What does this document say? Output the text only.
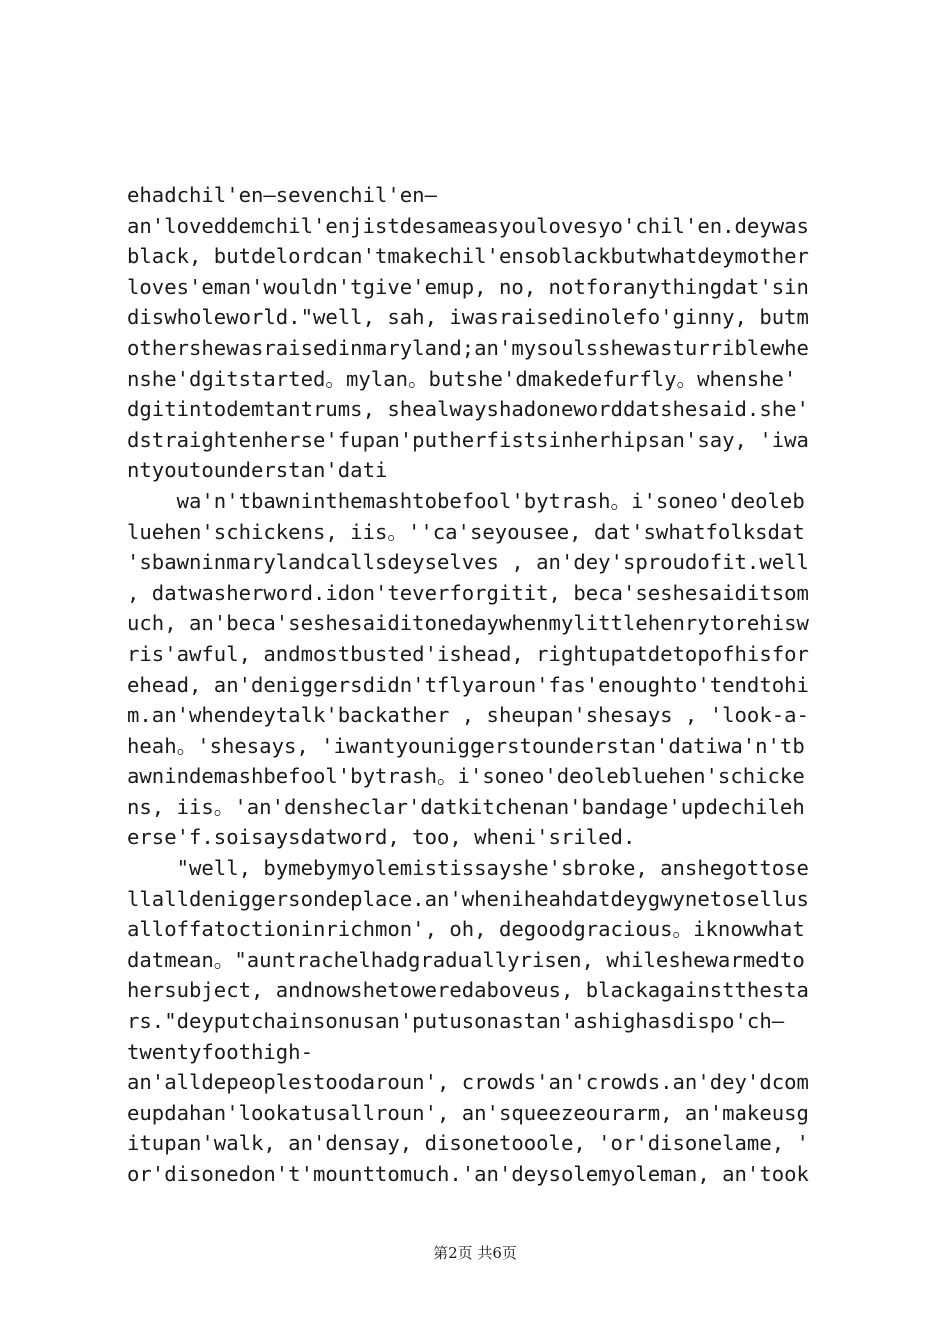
ehadchil'en—sevenchil'en—
an'loveddemchil'enjistdesameasyoulovesyo'chil'en.deywas
black, butdelordcan'tmakechil'ensoblackbutwhatdeymother
loves'eman'wouldn'tgive'emup, no, notforanythingdat'sin
diswholeworld."well, sah, iwasraisedinolefo'ginny, butm
othershewasraisedinmaryland;an'mysoulsshewasturriblewhe
nshe'dgitstarted。mylan。butshe'dmakedefurfly。whenshe'
dgitintodemtantrums, shealwayshadoneworddatshesaid.she'
dstraightenherse'fupan'putherfistsinherhipsan'say, 'iwa
ntyoutounderstan'dati
wa'n'tbawninthemashtobefool'bytrash。i'soneo'deoleb
luehen'schickens, iis。''ca'seyousee, dat'swhatfolksdat
'sbawninmarylandcallsdeyselves , an'dey'sproudofit.well
, datwasherword.idon'teverforgitit, beca'seshesaiditsom
uch, an'beca'seshesaiditonedaywhenmylittlehenrytorehisw
ris'awful, andmostbusted'ishead, rightupatdetopofhisfor
ehead, an'deniggersdidn'tflyaroun'fas'enoughto'tendtohi
m.an'whendeytalk'backather , sheupan'shesays , 'look-a-
heah。'shesays, 'iwantyouniggerstounderstan'datiwa'n'tb
awnindemashbefool'bytrash。i'soneo'deolebluehen'schicke
ns, iis。'an'densheclar'datkitchenan'bandage'updechileh
erse'f.soisaysdatword, too, wheni'sriled.
"well, bymebymyolemistissayshe'sbroke, anshegottose
llalldeniggersondeplace.an'wheniheahdatdeygwynetosellus
alloffatoctioninrichmon', oh, degoodgracious。iknowwhat
datmean。"auntrachelhadgraduallyrisen, whileshewarmedto
hersubject, andnowshetoweredaboveus, blackagainstthesta
rs."deyputchainsonusan'putusonastan'ashighasdispo'ch—
twentyfoothigh-
an'alldepeoplestoodaroun', crowds'an'crowds.an'dey'dcom
eupdahan'lookatusallroun', an'squeezeourarm, an'makeusg
itupan'walk, an'densay, disonetooole, 'or'disonelame, '
or'disonedon't'mounttomuch.'an'deysolemyoleman, an'took
第2页 共6页
